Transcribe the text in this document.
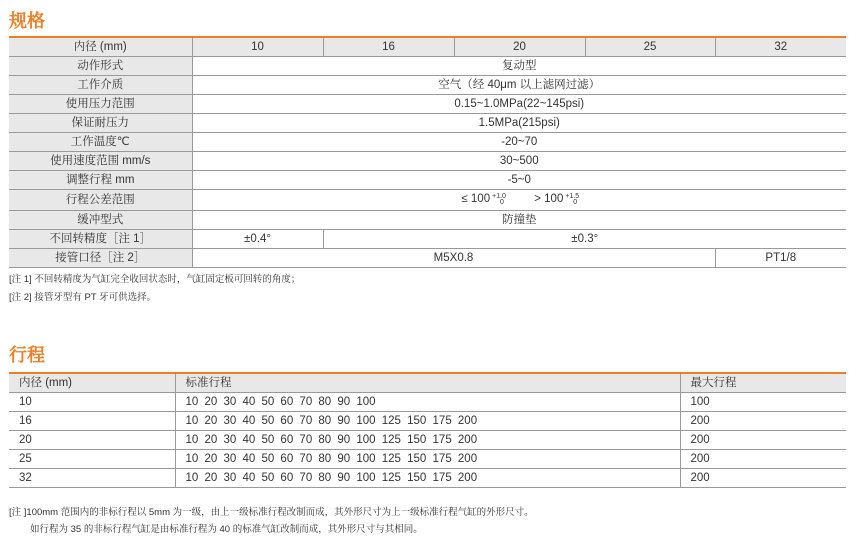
规格
内径 (mm)	10	16	20	25	32
动作形式	复动型				
工作介质	空气（经 40μm 以上滤网过滤）				
使用压力范围	0.15~1.0MPa(22~145psi)				
保证耐压力	1.5MPa(215psi)				
工作温度℃	-20~70				
使用速度范围 mm/s	30~500				
调整行程 mm	-5~0				
行程公差范围	≤ 100 $^{+1.0}$0 > 100 $^{+1.5}$0				
缓冲型式	防撞垫				
不回转精度［注 1］	±0.4°	±0.3°			
接管口径［注 2］	M5X0.8				PT1/8
[注 1] 不回转精度为气缸完全收回状态时，气缸固定板可回转的角度；
[注 2] 接管牙型有 PT 牙可供选择。
行程
内径 (mm)	标准行程	最大行程
10	10 20 30 40 50 60 70 80 90 100	100
16	10 20 30 40 50 60 70 80 90 100 125 150 175 200	200
20	10 20 30 40 50 60 70 80 90 100 125 150 175 200	200
25	10 20 30 40 50 60 70 80 90 100 125 150 175 200	200
32	10 20 30 40 50 60 70 80 90 100 125 150 175 200	200
[注 ]100mm 范围内的非标行程以 5mm 为一级，由上一级标准行程改制而成，其外形尺寸为上一级标准行程气缸的外形尺寸。
如行程为 35 的非标行程气缸是由标准行程为 40 的标准气缸改制而成，其外形尺寸与其相同。
